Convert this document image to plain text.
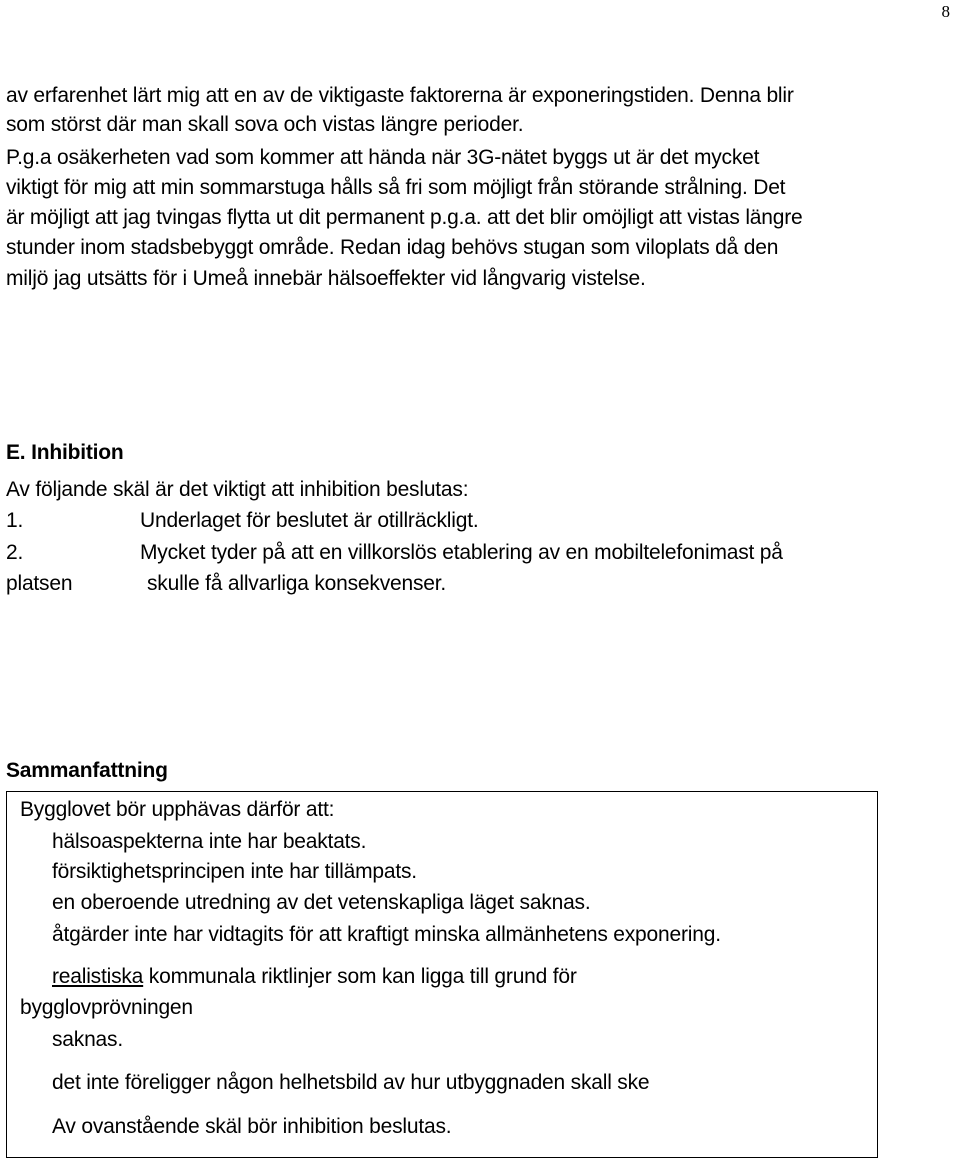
8
av erfarenhet lärt mig att en av de viktigaste faktorerna är exponeringstiden. Denna blir
som störst där man skall sova och vistas längre perioder.
P.g.a osäkerheten vad som kommer att hända när 3G-nätet byggs ut är det mycket
viktigt för mig att min sommarstuga hålls så fri som möjligt från störande strålning. Det
är möjligt att jag tvingas flytta ut dit permanent p.g.a. att det blir omöjligt att vistas längre
stunder inom stadsbebyggt område. Redan idag behövs stugan som viloplats då den
miljö jag utsätts för i Umeå innebär hälsoeffekter vid långvarig vistelse.
E. Inhibition
Av följande skäl är det viktigt att inhibition beslutas:
1.	Underlaget för beslutet är otillräckligt.
2.	Mycket tyder på att en villkorslös etablering av en mobiltelefonimast på
platsen	skulle få allvarliga konsekvenser.
Sammanfattning
Bygglovet bör upphävas därför att:
hälsoaspekterna inte har beaktats.
försiktighetsprincipen inte har tillämpats.
en oberoende utredning av det vetenskapliga läget saknas.
åtgärder inte har vidtagits för att kraftigt minska allmänhetens exponering.
realistiska kommunala riktlinjer som kan ligga till grund för
bygglovprövningen
saknas.
det inte föreligger någon helhetsbild av hur utbyggnaden skall ske
Av ovanstående skäl bör inhibition beslutas.
